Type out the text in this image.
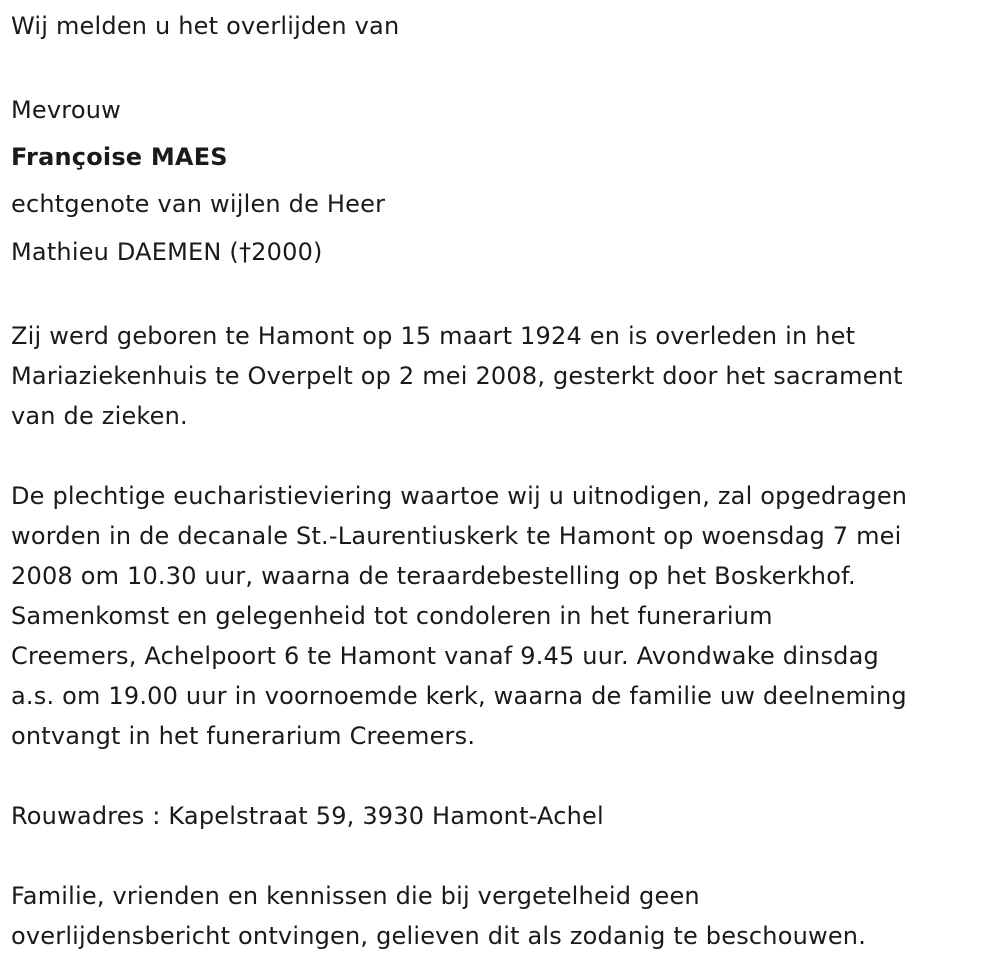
Wij melden u het overlijden van
Mevrouw
Françoise MAES
echtgenote van wijlen de Heer
Mathieu DAEMEN (†2000)
Zij werd geboren te Hamont op 15 maart 1924 en is overleden in het
Mariaziekenhuis te Overpelt op 2 mei 2008, gesterkt door het sacrament
van de zieken.
De plechtige eucharistieviering waartoe wij u uitnodigen, zal opgedragen
worden in de decanale St.-Laurentiuskerk te Hamont op woensdag 7 mei
2008 om 10.30 uur, waarna de teraardebestelling op het Boskerkhof.
Samenkomst en gelegenheid tot condoleren in het funerarium
Creemers, Achelpoort 6 te Hamont vanaf 9.45 uur. Avondwake dinsdag
a.s. om 19.00 uur in voornoemde kerk, waarna de familie uw deelneming
ontvangt in het funerarium Creemers.
Rouwadres : Kapelstraat 59, 3930 Hamont-Achel
Familie, vrienden en kennissen die bij vergetelheid geen
overlijdensbericht ontvingen, gelieven dit als zodanig te beschouwen.
